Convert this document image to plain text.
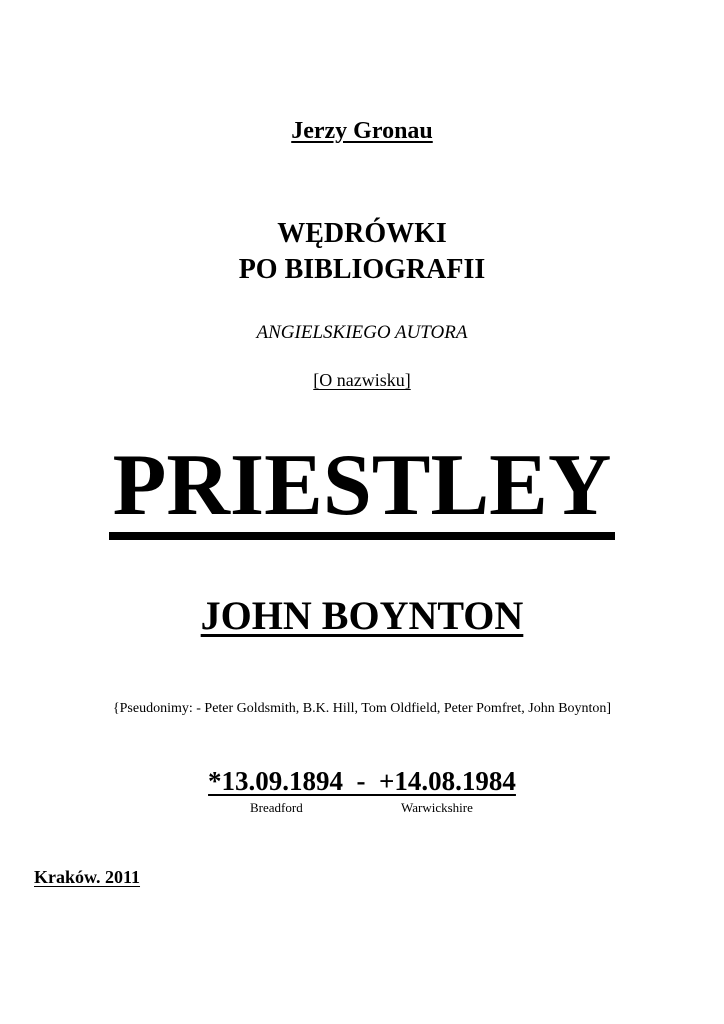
Jerzy Gronau
WĘDRÓWKI
PO BIBLIOGRAFII
ANGIELSKIEGO AUTORA
[O nazwisku]
PRIESTLEY
JOHN BOYNTON
{Pseudonimy: - Peter Goldsmith, B.K. Hill, Tom Oldfield, Peter Pomfret, John Boynton]
*13.09.1894  -  +14.08.1984
Breadford	Warwickshire
Kraków. 2011
